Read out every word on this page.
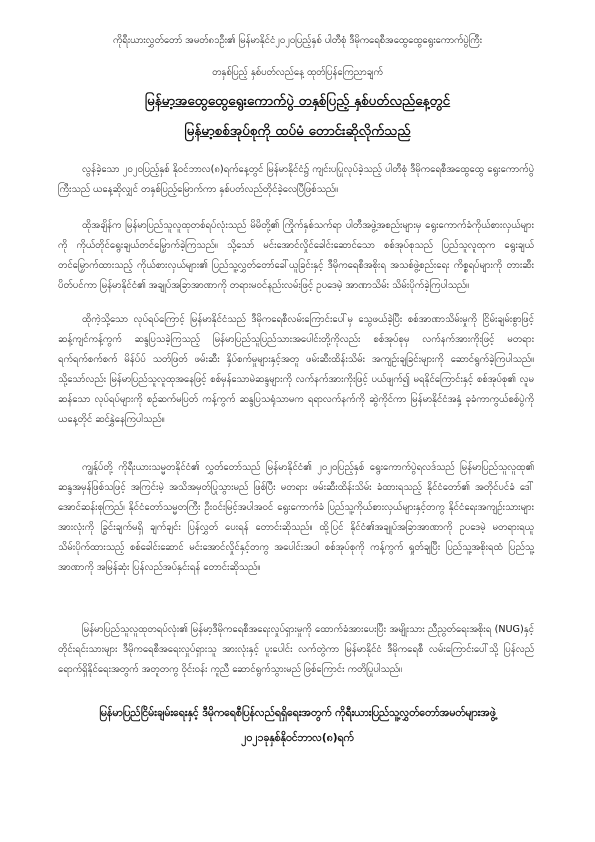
ကိုရီးယားလွှတ်တော် အမတ်၈၁ဦး၏ မြန်မာနိုင်ငံ၂၀၂၀ပြည့်နှစ် ပါတီစုံ ဒီမိုကရေစီအထွေထွေရွေးကောက်ပွဲကြီး
တနှစ်ပြည့် နှစ်ပတ်လည်နေ့ ထုတ်ပြန်ကြေညာချက်
မြန်မာ့အထွေထွေရွေးကောက်ပွဲ တနှစ်ပြည့် နှစ်ပတ်လည်နေ့တွင်
မြန်မာ့စစ်အုပ်စုကို ထပ်မံ တောင်းဆိုလိုက်သည်

လွန်ခဲ့သော ၂၀၂၀ပြည့်နှစ် နိုဝင်ဘာလ(၈)ရက်နေ့တွင် မြန်မာနိုင်ငံ၌ ကျင်းပပြုလုပ်ခဲ့သည့် ပါတီစုံ ဒီမိုကရေစီအထွေထွေ ရွေးကောက်ပွဲကြီးသည် ယနေ့ဆိုလျှင် တနှစ်ပြည့်မြောက်ကာ နှစ်ပတ်လည်တိုင်ခဲ့လေပြီဖြစ်သည်။

ထိုအချိန်က မြန်မာပြည်သူလူထုတစ်ရပ်လုံးသည် မိမိတို့၏ ကြိုက်နှစ်သက်ရာ ပါတီအဖွဲ့အစည်းများမှ ရွေးကောက်ခံကိုယ်စားလှယ်များကို ကိုယ်တိုင်ရွေးချယ်တင်မြှောက်ခဲ့ကြသည်။ သို့သော် မင်းအောင်လှိုင်ခေါင်းဆောင်သော စစ်အုပ်စုသည် ပြည်သူလူထုက ရွေးချယ်တင်မြှောက်ထားသည့် ကိုယ်စားလှယ်များ၏ ပြည်သူ့လွှတ်တော်ခေါ်ယူခြင်းနှင့် ဒီမိုကရေစီအစိုးရ အသစ်ဖွဲ့စည်းရေး ကိစ္စရပ်များကို တားဆီးပိတ်ပင်ကာ မြန်မာနိုင်ငံ၏ အချုပ်အခြာအာဏာကို တရားမဝင်နည်းလမ်းဖြင့် ဥပဒေမဲ့ အာဏာသိမ်း သိမ်းပိုက်ခဲ့ကြပါသည်။

ထိုကဲ့သို့သော လုပ်ရပ်ကြောင့် မြန်မာနိုင်ငံသည် ဒီမိုကရေစီလမ်းကြောင်းပေါ်မှ သွေဖယ်ခဲ့ပြီး စစ်အာဏာသိမ်းမှုကို ငြိမ်းချမ်းစွာဖြင့် ဆန့်ကျင်ကန့်ကွက် ဆန္ဒပြသခဲ့ကြသည့် မြန်မာပြည်သူပြည်သားအပေါင်းတို့ကိုလည်း စစ်အုပ်စုမှ လက်နက်အားကိုးဖြင့် မတရား ရက်ရက်စက်စက် မိန်ပ်ပ် သတ်ဖြတ် ဖမ်းဆီး နှိပ်စက်မှုများနှင့်အတူ ဖမ်းဆီးထိန်းသိမ်း အကျဉ်းချခြင်းများကို ဆောင်ရွက်ခဲ့ကြပါသည်။ သို့သော်လည်း မြန်မာပြည်သူလူထုအနေဖြင့် စစ်မှန်သောမဲဆန္ဒများကို လက်နက်အားကိုးဖြင့် ပယ်ဖျက်၍ မရနိုင်ကြောင်းနှင့် စစ်အုပ်စု၏ လူမဆန်သော လုပ်ရပ်များကို စဉ်ဆက်မပြတ် ကန့်ကွက် ဆန္ဒပြသရုံသာမက ရရာလက်နက်ကို ဆွဲကိုင်ကာ မြန်မာနိုင်ငံအနှံ့ ခုခံကာကွယ်စစ်ပွဲကို ယနေ့တိုင် ဆင်နွှဲနေကြပါသည်။

ကျွန်ုပ်တို့ ကိုရီးယားသမ္မတနိုင်ငံ၏ လွှတ်တော်သည် မြန်မာနိုင်ငံ၏ ၂၀၂၀ပြည့်နှစ် ရွေးကောက်ပွဲရလဒ်သည် မြန်မာပြည်သူလူထု၏ ဆန္ဒအမှန်ဖြစ်သဖြင့် အကြင်းမဲ့ အသိအမှတ်ပြုသွားမည် ဖြစ်ပြီး မတရား ဖမ်းဆီးထိန်းသိမ်း ခံထားရသည့် နိုင်ငံတော်၏ အတိုင်ပင်ခံ ဒေါ်အောင်ဆန်းစုကြည်၊ နိုင်ငံတော်သမ္မတကြီး ဦးဝင်းမြင့်အပါအဝင် ရွေးကောက်ခံ ပြည်သူ့ကိုယ်စားလှယ်များနှင့်တကွ နိုင်ငံရေးအကျဉ်းသားများ အားလုံးကို ခြွင်းချက်မရှိ ချက်ချင်း ပြန်လွှတ် ပေးရန် တောင်းဆိုသည်။ ထို့ပြင် နိုင်ငံ၏အချုပ်အခြာအာဏာကို ဥပဒေမဲ့ မတရားရယူ သိမ်းပိုက်ထားသည့် စစ်ခေါင်းဆောင် မင်းအောင်လှိုင်နှင့်တကွ အပေါင်းအပါ စစ်အုပ်စုကို ကန့်ကွက် ရှုတ်ချပြီး ပြည်သူ့အစိုးရထံ ပြည်သူ့အာဏာကို အမြန်ဆုံး ပြန်လည်အပ်နှင်းရန် တောင်းဆိုသည်။

မြန်မာပြည်သူလူထုတရပ်လုံး၏ မြန်မာ့ဒီမိုကရေစီအရေးလှုပ်ရှားမှုကို ထောက်ခံအားပေးပြီး အမျိုးသား ညီညွတ်ရေးအစိုးရ (NUG)နှင့် တိုင်းရင်းသားများ ဒီမိုကရေစီအရေးလှုပ်ရှားသူ အားလုံးနှင့် ပူးပေါင်း လက်တွဲကာ မြန်မာနိုင်ငံ ဒီမိုကရေစီ လမ်းကြောင်းပေါ်သို့ ပြန်လည် ရောက်ရှိနိုင်ရေးအတွက် အတူတကွ ဝိုင်းဝန်း ကူညီ ဆောင်ရွက်သွားမည် ဖြစ်ကြောင်း ကတိပြုပါသည်။

မြန်မာပြည်ငြိမ်းချမ်းရေးနှင့် ဒီမိုကရေစီပြန်လည်ရရှိရေးအတွက် ကိုရီးယားပြည်သူ့လွှတ်တော်အမတ်များအဖွဲ့
၂၀၂၁ခုနှစ်နိုဝင်ဘာလ(၈)ရက်
